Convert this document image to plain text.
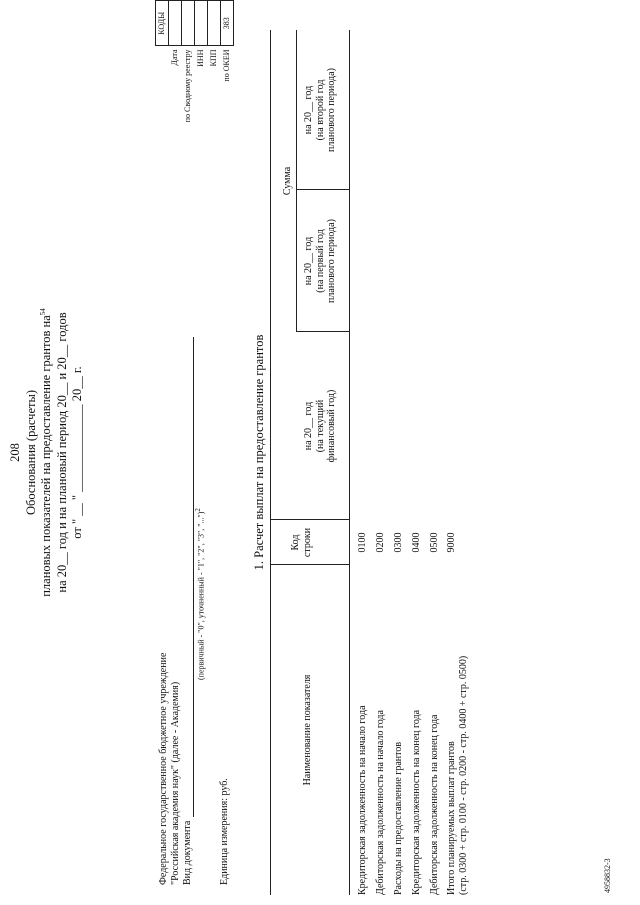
208 Обоснования (расчеты) плановых показателей на предоставление грантов $на^{54}$
на 20__ год и на плановый период 20__ и 20__ годов от " __ " ______________ 20__ г.
	КОДЫ
Дата	
по Сводному реестру	
ИНН	
КПП	
по ОКЕИ	383
Федеральное государственное бюджетное учреждение "Российская академия наук" (далее - Академия) Вид документа
(первичный - "0", уточненный - "1", "2", "3", "...")$^2$
Единица измерения: руб.
1. Расчет выплат на предоставление грантов
Наименование показателя
Код строки
Сумма
на 20__ год (на текущий финансовый год)
на 20__ год (на первый год планового периода)
на 20__ год (на второй год планового периода)
Кредиторская задолженность на начало года
0100
Дебиторская задолженность на начало года
0200
Расходы на предоставление грантов
0300
Кредиторская задолженность на конец года
0400
Дебиторская задолженность на конец года
0500
Итого планируемых выплат грантов (стр. 0300 + стр. 0100 - стр. 0200 - стр. 0400 + стр. 0500)
9000
4958832-3
